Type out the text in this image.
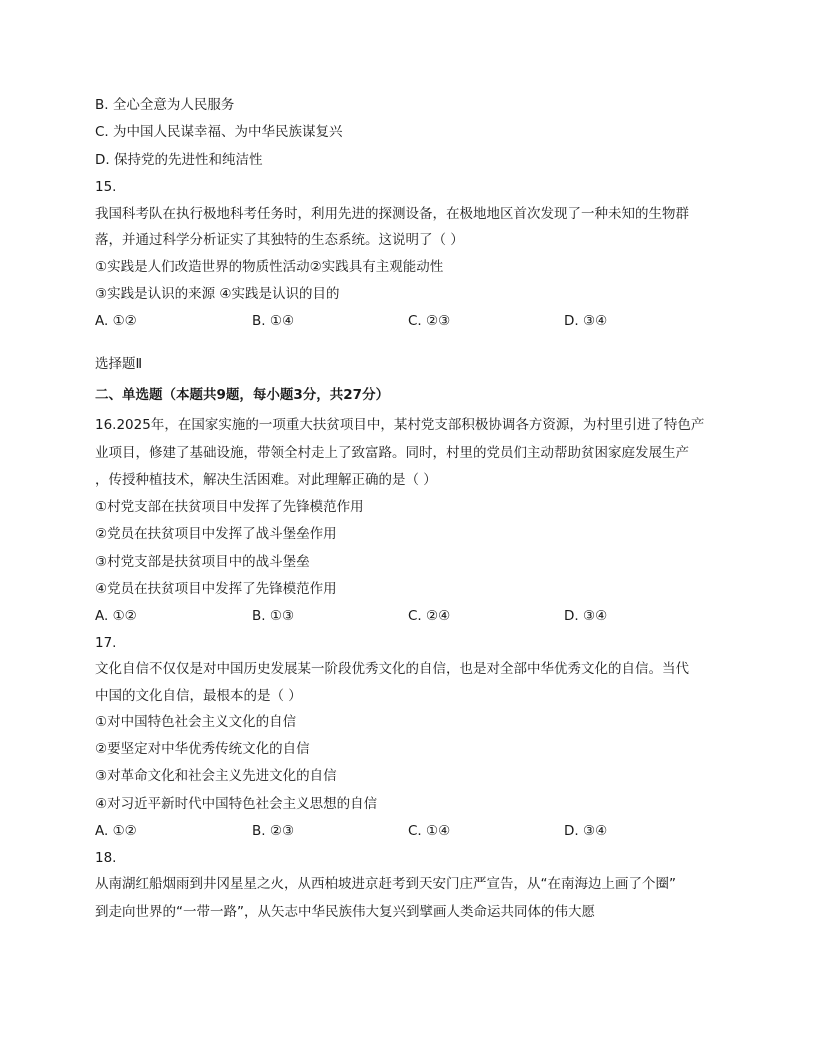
B. 全心全意为人民服务
C. 为中国人民谋幸福、为中华民族谋复兴
D. 保持党的先进性和纯洁性
15.
我国科考队在执行极地科考任务时，利用先进的探测设备，在极地地区首次发现了一种未知的生物群
落，并通过科学分析证实了其独特的生态系统。这说明了（ ）
①实践是人们改造世界的物质性活动②实践具有主观能动性
③实践是认识的来源 ④实践是认识的目的
A. ①②	B. ①④	C. ②③	D. ③④
选择题Ⅱ
二、单选题（本题共9题，每小题3分，共27分）
16.2025年，在国家实施的一项重大扶贫项目中，某村党支部积极协调各方资源，为村里引进了特色产
业项目，修建了基础设施，带领全村走上了致富路。同时，村里的党员们主动帮助贫困家庭发展生产
，传授种植技术，解决生活困难。对此理解正确的是（ ）
①村党支部在扶贫项目中发挥了先锋模范作用
②党员在扶贫项目中发挥了战斗堡垒作用
③村党支部是扶贫项目中的战斗堡垒
④党员在扶贫项目中发挥了先锋模范作用
A. ①②	B. ①③	C. ②④	D. ③④
17.
文化自信不仅仅是对中国历史发展某一阶段优秀文化的自信，也是对全部中华优秀文化的自信。当代
中国的文化自信，最根本的是（ ）
①对中国特色社会主义文化的自信
②要坚定对中华优秀传统文化的自信
③对革命文化和社会主义先进文化的自信
④对习近平新时代中国特色社会主义思想的自信
A. ①②	B. ②③	C. ①④	D. ③④
18.
从南湖红船烟雨到井冈星星之火，从西柏坡进京赶考到天安门庄严宣告，从“在南海边上画了个圈”
到走向世界的“一带一路”，从矢志中华民族伟大复兴到擘画人类命运共同体的伟大愿
